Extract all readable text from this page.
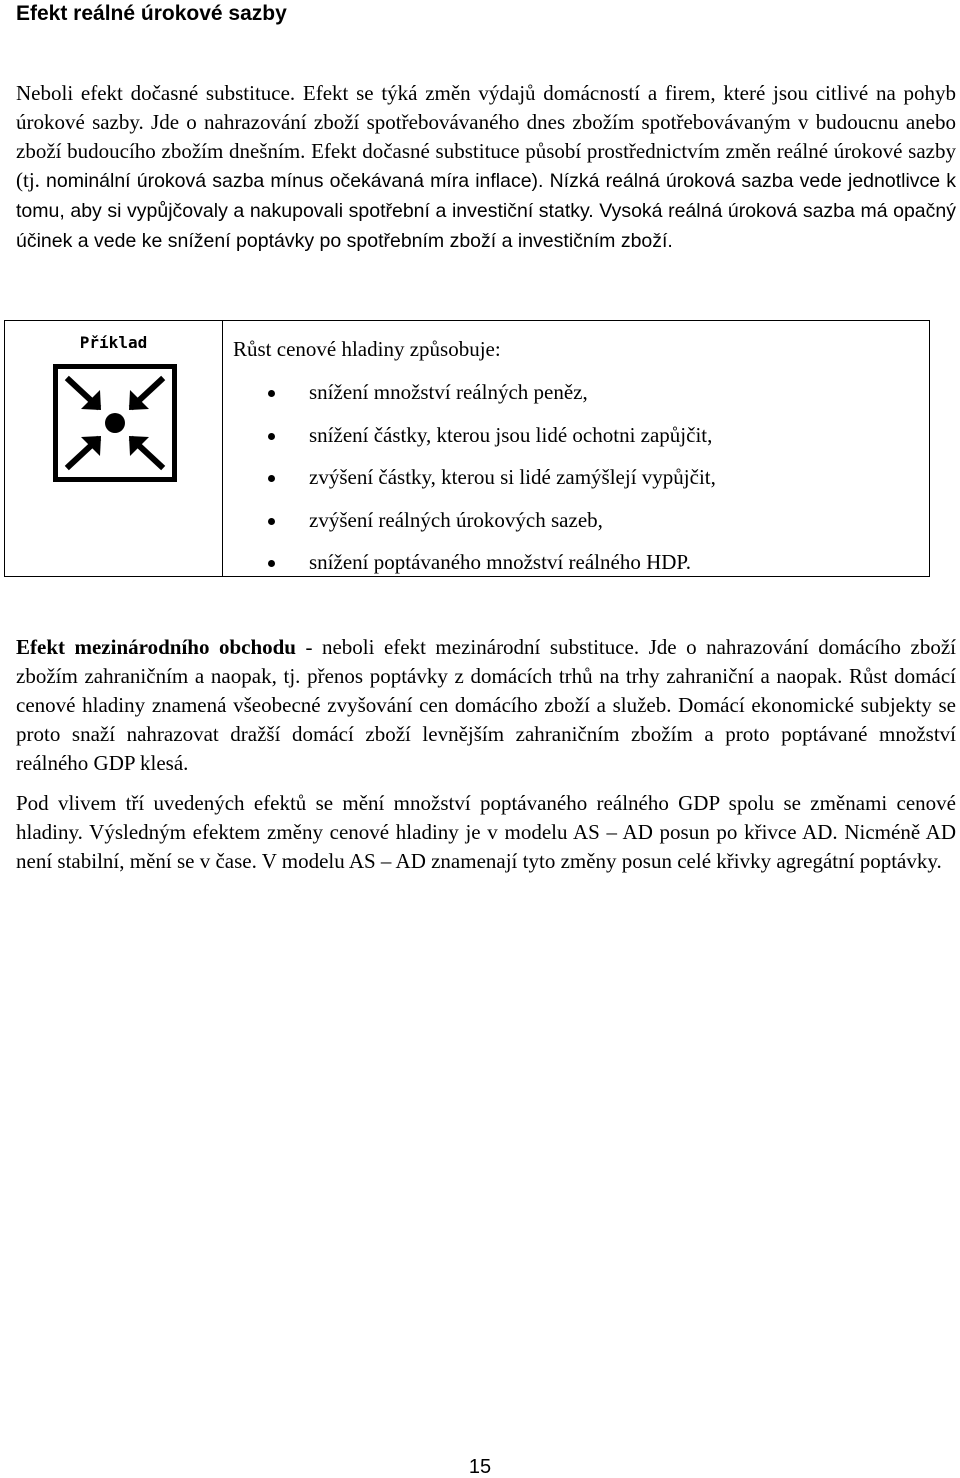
Efekt reálné úrokové sazby
Neboli efekt dočasné substituce. Efekt se týká změn výdajů domácností a firem, které jsou citlivé na pohyb úrokové sazby. Jde o nahrazování zboží spotřebovávaného dnes zbožím spotřebovávaným v budoucnu anebo zboží budoucího zbožím dnešním. Efekt dočasné substituce působí prostřednictvím změn reálné úrokové sazby (tj. nominální úroková sazba mínus očekávaná míra inflace). Nízká reálná úroková sazba vede jednotlivce k tomu, aby si vypůjčovaly a nakupovali spotřební a investiční statky. Vysoká reálná úroková sazba má opačný účinek a vede ke snížení poptávky po spotřebním zboží a investičním zboží.
Příklad	Růst cenové hladiny způsobuje:
snížení množství reálných peněz,
snížení částky, kterou jsou lidé ochotni zapůjčit,
zvýšení částky, kterou si lidé zamýšlejí vypůjčit,
zvýšení reálných úrokových sazeb,
snížení poptávaného množství reálného HDP.
Efekt mezinárodního obchodu - neboli efekt mezinárodní substituce. Jde o nahrazování domácího zboží zbožím zahraničním a naopak, tj. přenos poptávky z domácích trhů na trhy zahraniční a naopak. Růst domácí cenové hladiny znamená všeobecné zvyšování cen domácího zboží a služeb. Domácí ekonomické subjekty se proto snaží nahrazovat dražší domácí zboží levnějším zahraničním zbožím a proto poptávané množství reálného GDP klesá.
Pod vlivem tří uvedených efektů se mění množství poptávaného reálného GDP spolu se změnami cenové hladiny. Výsledným efektem změny cenové hladiny je v modelu AS – AD posun po křivce AD. Nicméně AD není stabilní, mění se v čase. V modelu AS – AD znamenají tyto změny posun celé křivky agregátní poptávky.
15
